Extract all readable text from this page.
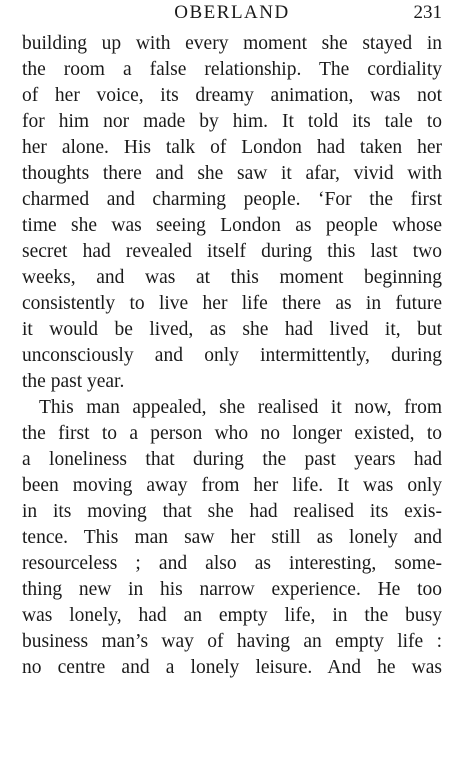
OBERLAND	231
building up with every moment she stayed in
the room a false relationship. The cordiality
of her voice, its dreamy animation, was not
for him nor made by him. It told its tale to
her alone. His talk of London had taken her
thoughts there and she saw it afar, vivid with
charmed and charming people. ‘For the first
time she was seeing London as people whose
secret had revealed itself during this last two
weeks, and was at this moment beginning
consistently to live her life there as in future
it would be lived, as she had lived it, but
unconsciously and only intermittently, during
the past year.
This man appealed, she realised it now, from
the first to a person who no longer existed, to
a loneliness that during the past years had
been moving away from her life. It was only
in its moving that she had realised its exis-
tence. This man saw her still as lonely and
resourceless ; and also as interesting, some-
thing new in his narrow experience. He too
was lonely, had an empty life, in the busy
business man’s way of having an empty life :
no centre and a lonely leisure. And he was
